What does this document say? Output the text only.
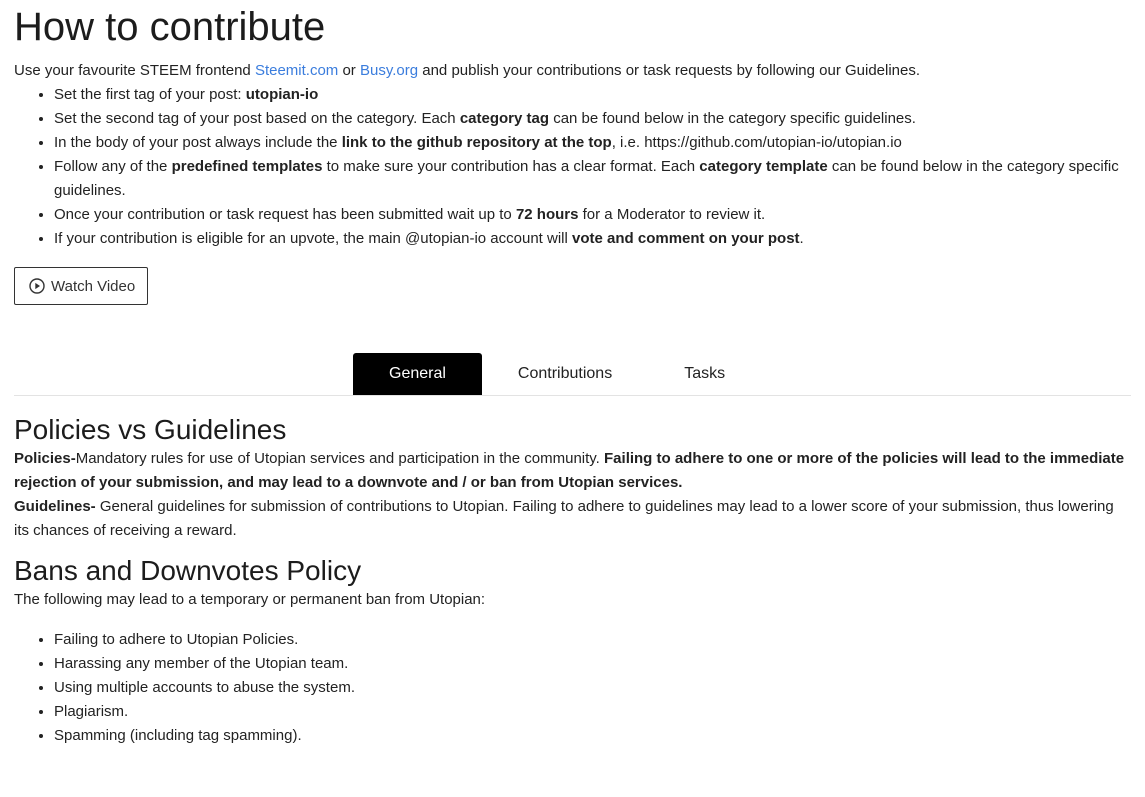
How to contribute

Use your favourite STEEM frontend Steemit.com or Busy.org and publish your contributions or task requests by following our Guidelines.

• Set the first tag of your post: utopian-io
• Set the second tag of your post based on the category. Each category tag can be found below in the category specific guidelines.
• In the body of your post always include the link to the github repository at the top, i.e. https://github.com/utopian-io/utopian.io
• Follow any of the predefined templates to make sure your contribution has a clear format. Each category template can be found below in the category specific guidelines.
• Once your contribution or task request has been submitted wait up to 72 hours for a Moderator to review it.
• If your contribution is eligible for an upvote, the main @utopian-io account will vote and comment on your post.
Watch Video
General	Contributions	Tasks
Policies vs Guidelines

Policies-Mandatory rules for use of Utopian services and participation in the community. Failing to adhere to one or more of the policies will lead to the immediate rejection of your submission, and may lead to a downvote and / or ban from Utopian services.

Guidelines- General guidelines for submission of contributions to Utopian. Failing to adhere to guidelines may lead to a lower score of your submission, thus lowering its chances of receiving a reward.

Bans and Downvotes Policy

The following may lead to a temporary or permanent ban from Utopian:

• Failing to adhere to Utopian Policies.
• Harassing any member of the Utopian team.
• Using multiple accounts to abuse the system.
• Plagiarism.
• Spamming (including tag spamming).
